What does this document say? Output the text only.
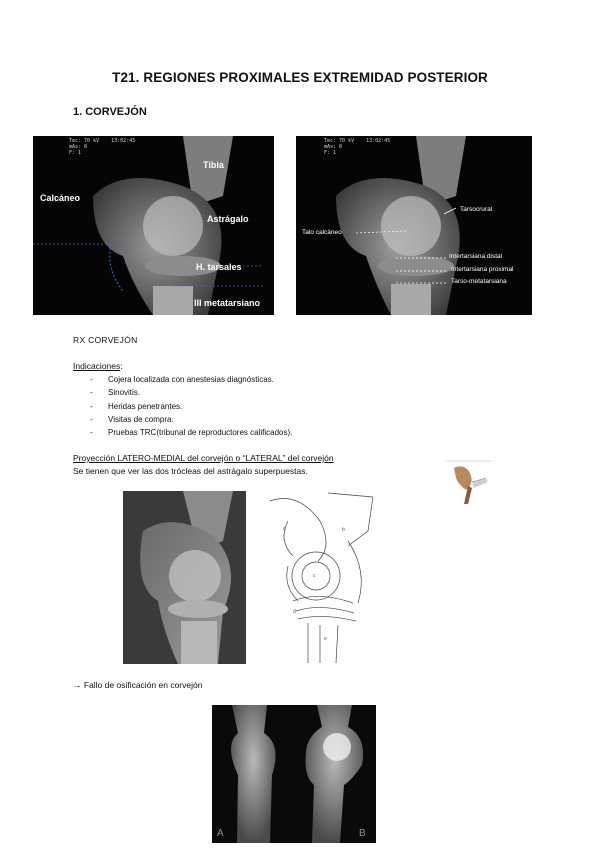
T21. REGIONES PROXIMALES EXTREMIDAD POSTERIOR
1. CORVEJÓN
Tec: 70 kV    13:02:45
mAs: 8
F: 1
Tibia
Calcáneo
Astrágalo
H. tarsales
III metatarsiano
Tec: 70 kV    13:02:45
mAs: 8
F: 1
Tarsocrural
Talo calcáneo
Intertarsiana distal
Intertarsiana proximal
Tarso-metatarsiana
RX CORVEJÓN
Indicaciones:
-	Cojera localizada con anestesias diagnósticas.
-	Sinovitis.
-	Heridas penetrantes.
-	Visitas de compra.
-	Pruebas TRC(tribunal de reproductores calificados).
Proyección LATERO-MEDIAL del corvejón o “LATERAL” del corvejón
Se tienen que ver las dos trócleas del astrágalo superpuestas.
a	b
c
d
e
→ Fallo de osificación en corvejón
A	B
